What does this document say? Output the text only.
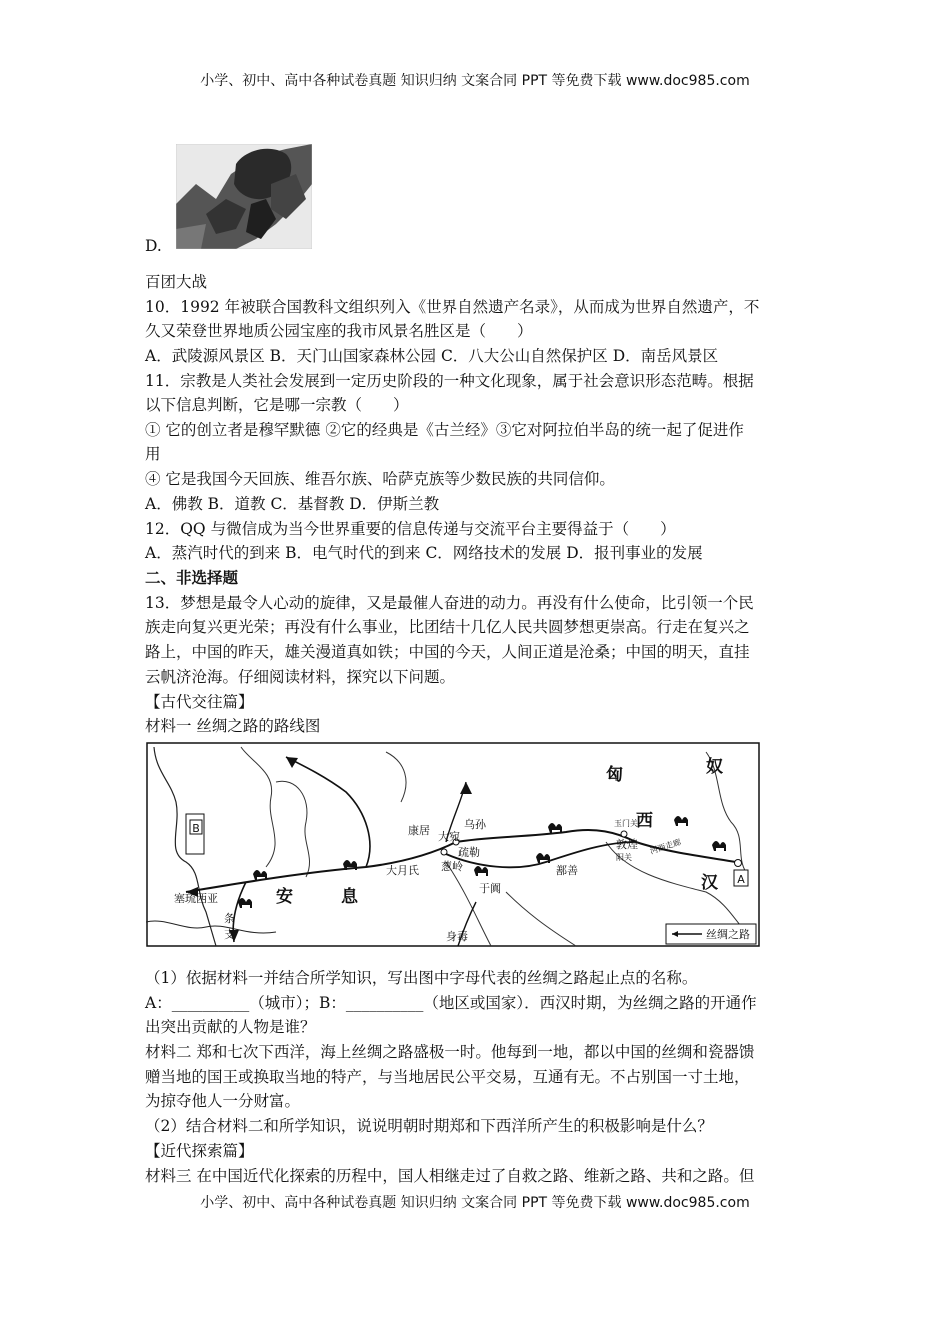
小学、初中、高中各种试卷真题 知识归纳 文案合同 PPT 等免费下载 www.doc985.com
D.
百团大战
10．1992 年被联合国教科文组织列入《世界自然遗产名录》，从而成为世界自然遗产，不
久又荣登世界地质公园宝座的我市风景名胜区是（　　）
A．武陵源风景区 B．天门山国家森林公园 C．八大公山自然保护区 D．南岳风景区
11．宗教是人类社会发展到一定历史阶段的一种文化现象，属于社会意识形态范畴。根据
以下信息判断，它是哪一宗教（　　）
① 它的创立者是穆罕默德 ②它的经典是《古兰经》③它对阿拉伯半岛的统一起了促进作
用
④ 它是我国今天回族、维吾尔族、哈萨克族等少数民族的共同信仰。
A．佛教 B．道教 C．基督教 D．伊斯兰教
12．QQ 与微信成为当今世界重要的信息传递与交流平台主要得益于（　　）
A．蒸汽时代的到来 B．电气时代的到来 C．网络技术的发展 D．报刊事业的发展
二、非选择题
13．梦想是最令人心动的旋律，又是最催人奋进的动力。再没有什么使命，比引领一个民
族走向复兴更光荣；再没有什么事业，比团结十几亿人民共圆梦想更崇高。行走在复兴之
路上，中国的昨天，雄关漫道真如铁；中国的今天，人间正道是沧桑；中国的明天，直挂
云帆济沧海。仔细阅读材料，探究以下问题。
【古代交往篇】
材料一 丝绸之路的路线图
A
B
匈	奴
康居	乌孙
大宛
疏勒
大月氏 葱岭
于阗
鄯善
玉门关
敦煌
阳关
河西走廊
西
汉
安	息
塞琉西亚
条
支	身毒	丝绸之路
（1）依据材料一并结合所学知识，写出图中字母代表的丝绸之路起止点的名称。
A：__________（城市）；B：__________（地区或国家）．西汉时期，为丝绸之路的开通作
出突出贡献的人物是谁？
材料二 郑和七次下西洋，海上丝绸之路盛极一时。他每到一地，都以中国的丝绸和瓷器馈
赠当地的国王或换取当地的特产，与当地居民公平交易，互通有无。不占别国一寸土地，
为掠夺他人一分财富。
（2）结合材料二和所学知识，说说明朝时期郑和下西洋所产生的积极影响是什么？
【近代探索篇】
材料三 在中国近代化探索的历程中，国人相继走过了自救之路、维新之路、共和之路。但
小学、初中、高中各种试卷真题 知识归纳 文案合同 PPT 等免费下载 www.doc985.com
